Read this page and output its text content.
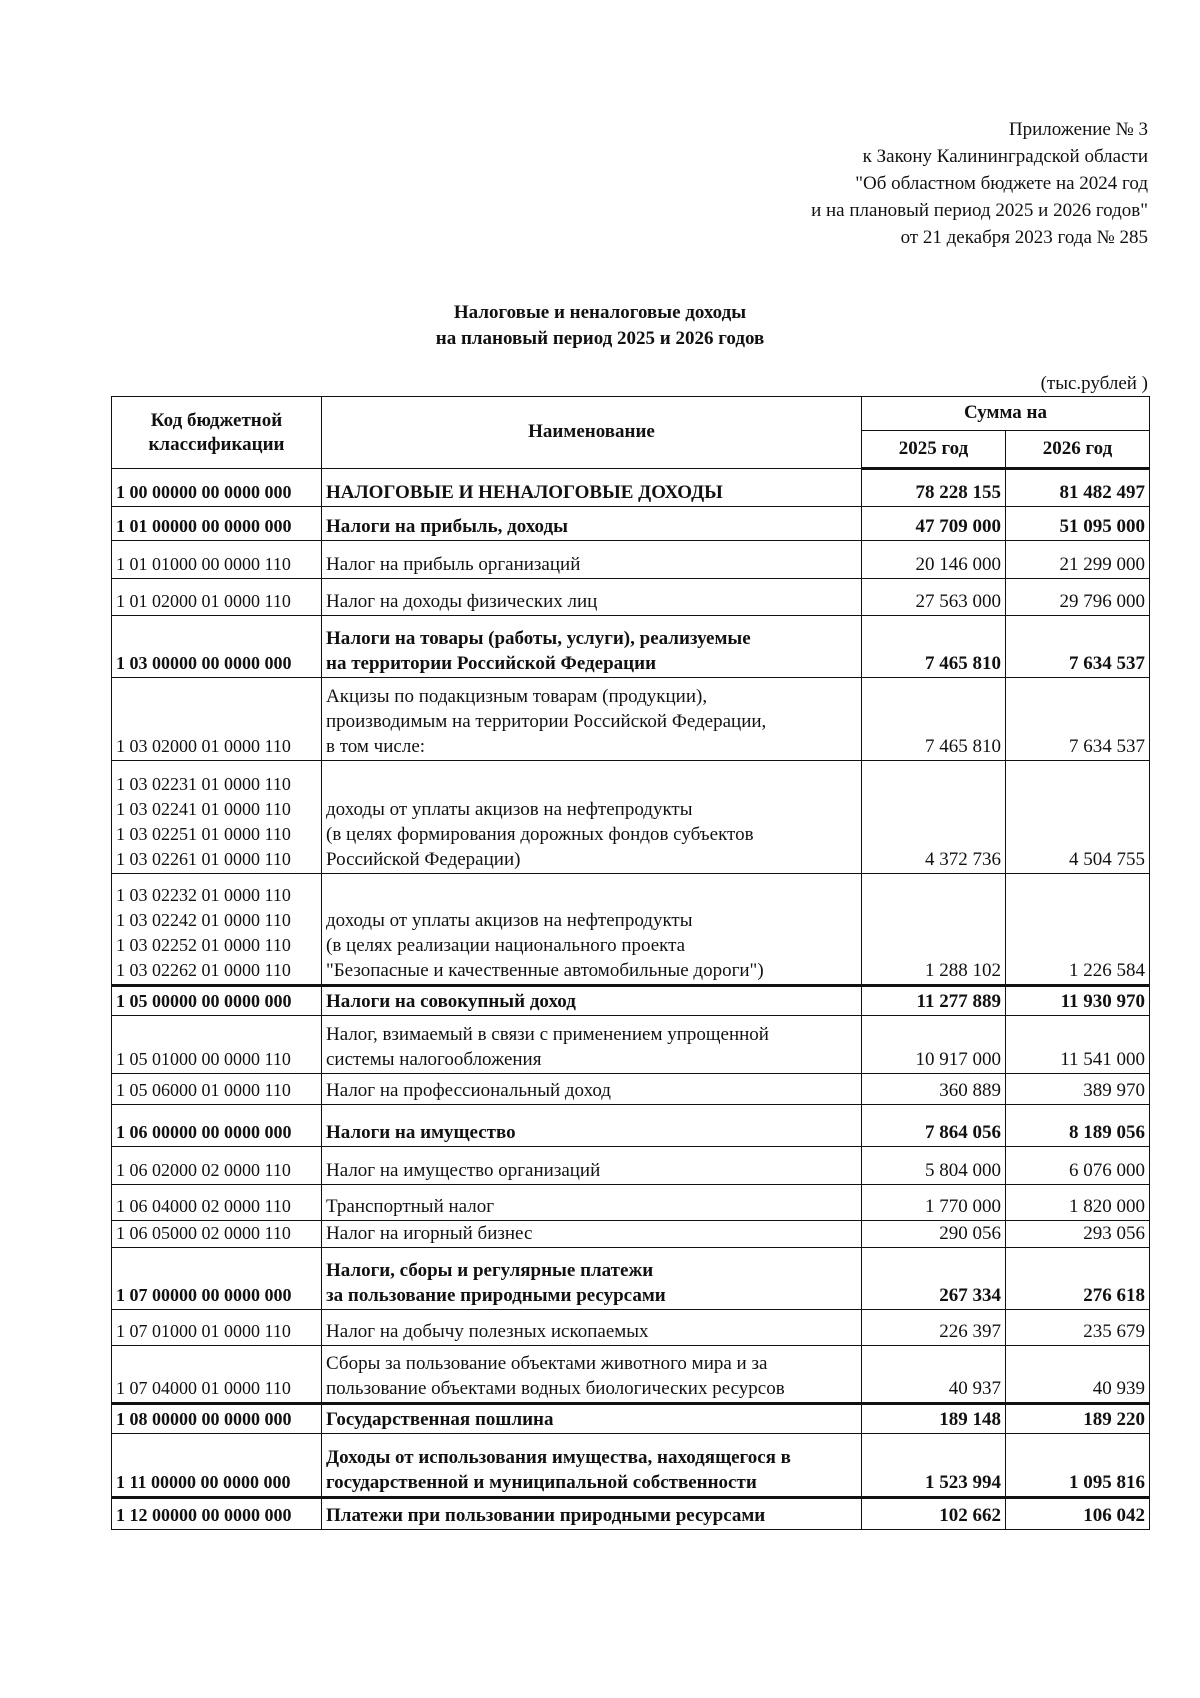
Приложение № 3
к Закону Калининградской области
"Об областном бюджете на 2024 год
и на плановый период 2025 и 2026 годов"
от 21 декабря 2023 года № 285
Налоговые и неналоговые доходы
на плановый период 2025 и 2026 годов
(тыс.рублей )
Код бюджетной классификации	Наименование	Сумма на	
		2025 год	2026 год
1 00 00000 00 0000 000	НАЛОГОВЫЕ И НЕНАЛОГОВЫЕ ДОХОДЫ	78 228 155	81 482 497
1 01 00000 00 0000 000	Налоги на прибыль, доходы	47 709 000	51 095 000
1 01 01000 00 0000 110	Налог на прибыль организаций	20 146 000	21 299 000
1 01 02000 01 0000 110	Налог на доходы физических лиц	27 563 000	29 796 000
1 03 00000 00 0000 000	Налоги на товары (работы, услуги), реализуемые
на территории Российской Федерации	7 465 810	7 634 537
1 03 02000 01 0000 110	Акцизы по подакцизным товарам (продукции),
производимым на территории Российской Федерации,
в том числе:	7 465 810	7 634 537
1 03 02231 01 0000 110
1 03 02241 01 0000 110
1 03 02251 01 0000 110
1 03 02261 01 0000 110	доходы от уплаты акцизов на нефтепродукты
(в целях формирования дорожных фондов субъектов
Российской Федерации)	4 372 736	4 504 755
1 03 02232 01 0000 110
1 03 02242 01 0000 110
1 03 02252 01 0000 110
1 03 02262 01 0000 110	доходы от уплаты акцизов на нефтепродукты
(в целях реализации национального проекта
"Безопасные и качественные автомобильные дороги")	1 288 102	1 226 584
1 05 00000 00 0000 000	Налоги на совокупный доход	11 277 889	11 930 970
1 05 01000 00 0000 110	Налог, взимаемый в связи с применением упрощенной
системы налогообложения	10 917 000	11 541 000
1 05 06000 01 0000 110	Налог на профессиональный доход	360 889	389 970
1 06 00000 00 0000 000	Налоги на имущество	7 864 056	8 189 056
1 06 02000 02 0000 110	Налог на имущество организаций	5 804 000	6 076 000
1 06 04000 02 0000 110	Транспортный налог	1 770 000	1 820 000
1 06 05000 02 0000 110	Налог на игорный бизнес	290 056	293 056
1 07 00000 00 0000 000	Налоги, сборы и регулярные платежи
за пользование природными ресурсами	267 334	276 618
1 07 01000 01 0000 110	Налог на добычу полезных ископаемых	226 397	235 679
1 07 04000 01 0000 110	Сборы за пользование объектами животного мира и за
пользование объектами водных биологических ресурсов	40 937	40 939
1 08 00000 00 0000 000	Государственная пошлина	189 148	189 220
1 11 00000 00 0000 000	Доходы от использования имущества, находящегося в
государственной и муниципальной собственности	1 523 994	1 095 816
1 12 00000 00 0000 000	Платежи при пользовании природными ресурсами	102 662	106 042
